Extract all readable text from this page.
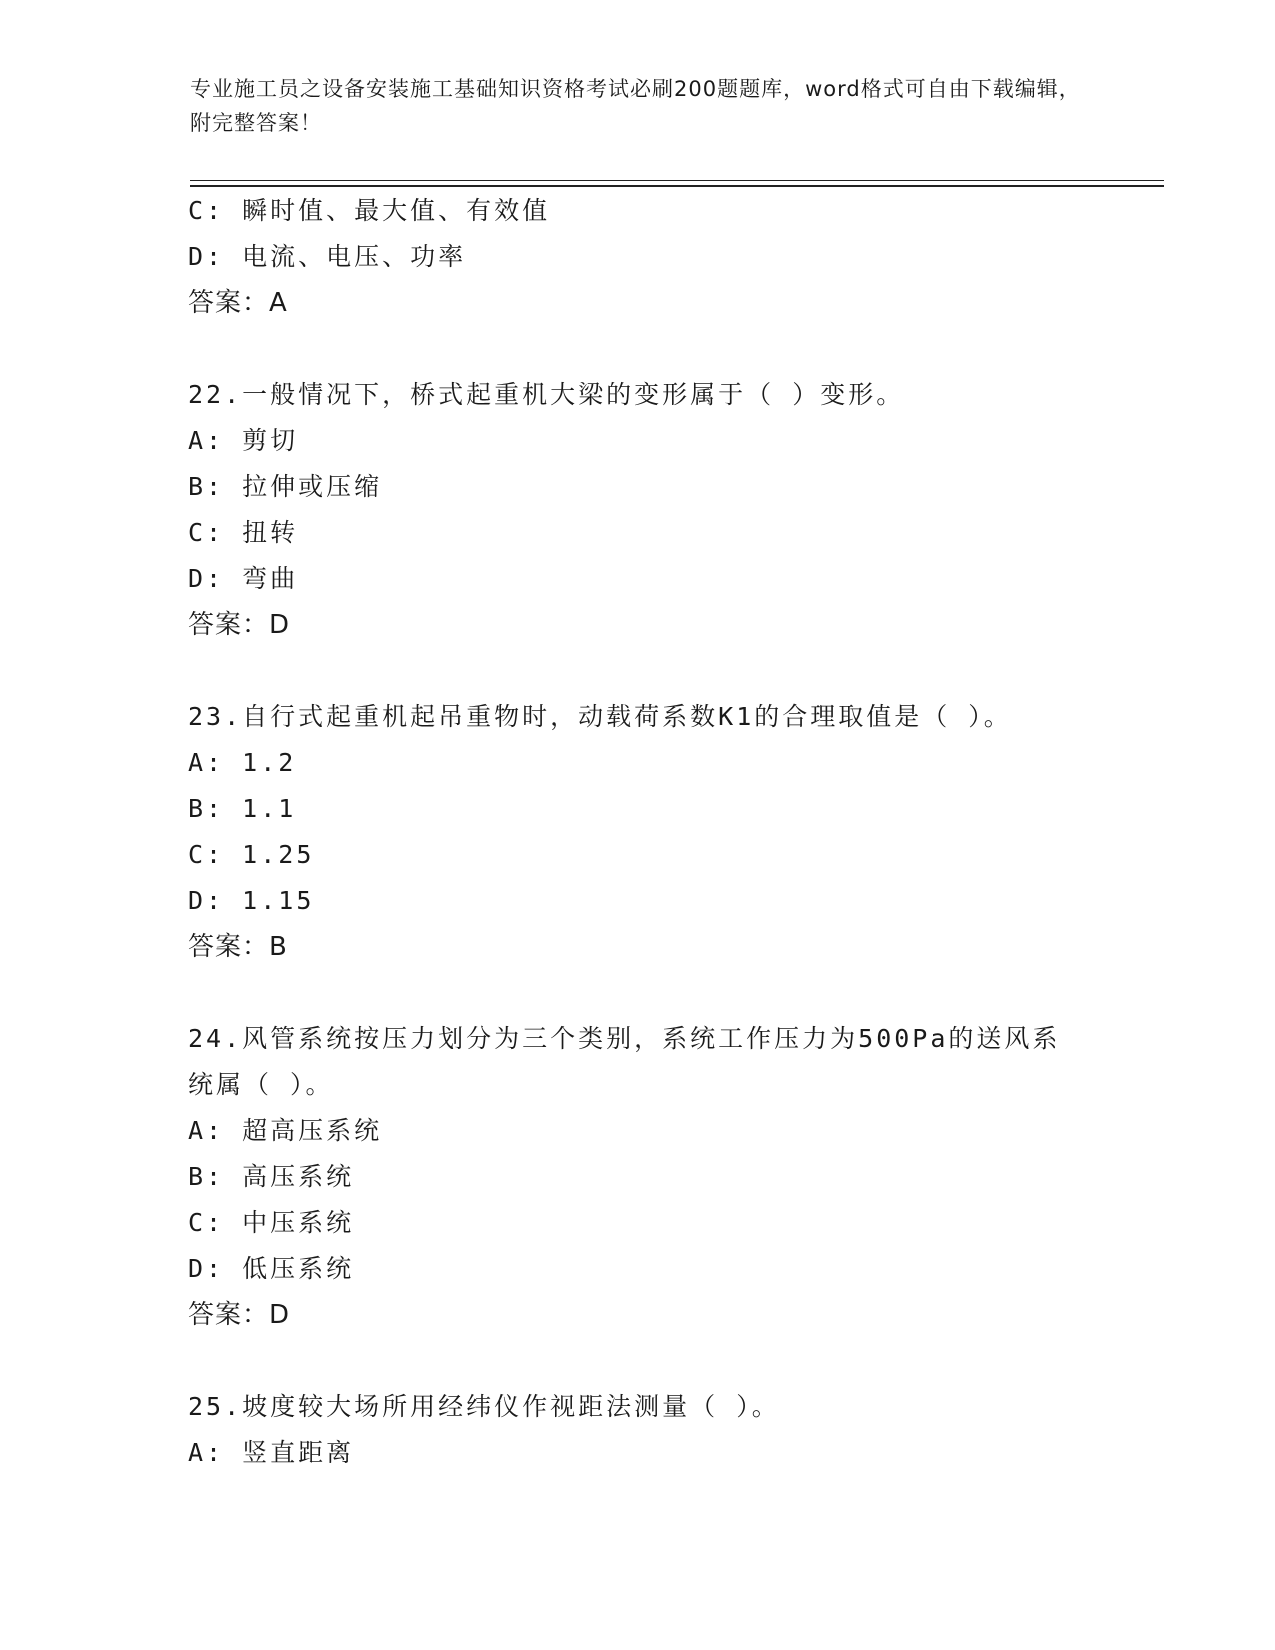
专业施工员之设备安装施工基础知识资格考试必刷200题题库，word格式可自由下载编辑，附完整答案！
C: 瞬时值、最大值、有效值
D: 电流、电压、功率
答案：A
22.一般情况下，桥式起重机大梁的变形属于（ ）变形。
A: 剪切
B: 拉伸或压缩
C: 扭转
D: 弯曲
答案：D
23.自行式起重机起吊重物时，动载荷系数K1的合理取值是（ ）。
A: 1.2
B: 1.1
C: 1.25
D: 1.15
答案：B
24.风管系统按压力划分为三个类别，系统工作压力为500Pa的送风系统属（ ）。
A: 超高压系统
B: 高压系统
C: 中压系统
D: 低压系统
答案：D
25.坡度较大场所用经纬仪作视距法测量（ ）。
A: 竖直距离
